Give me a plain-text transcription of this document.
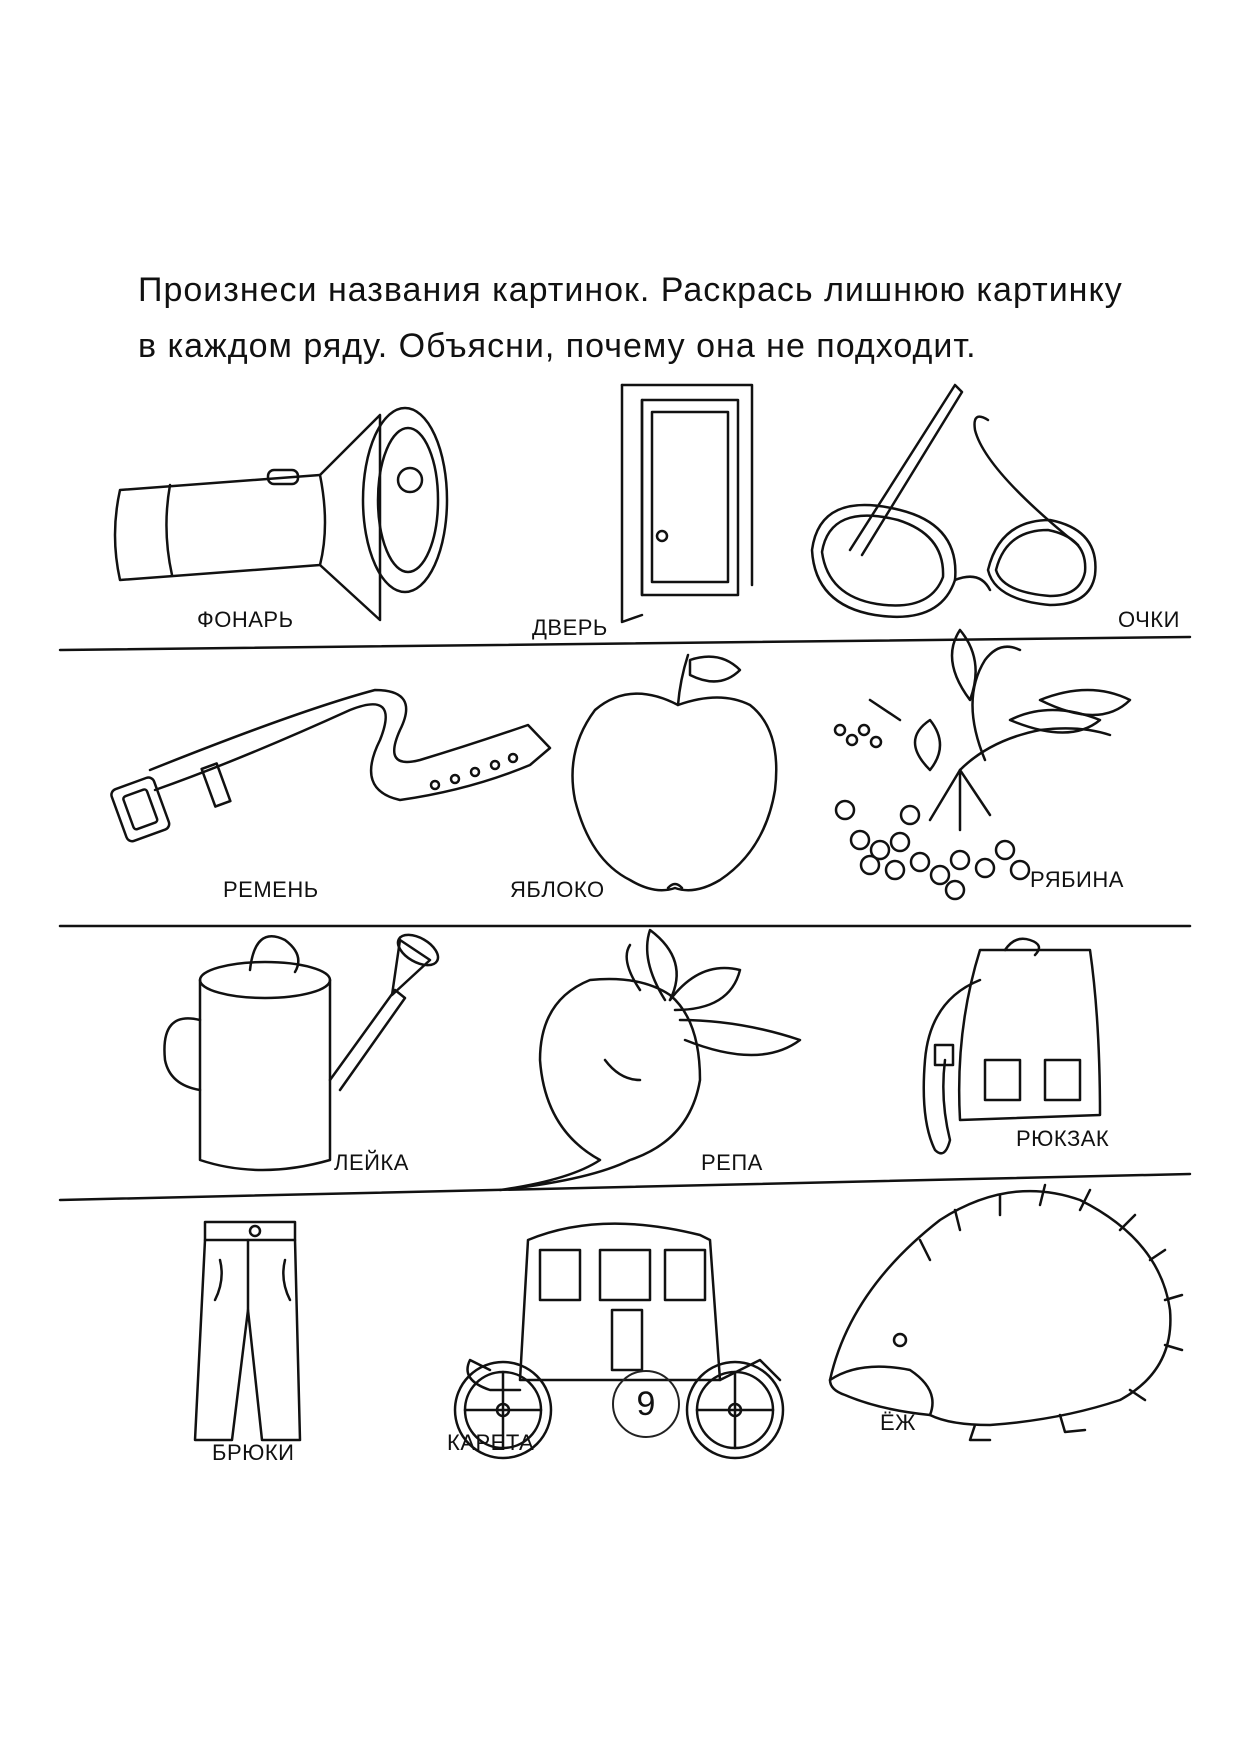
Произнеси названия картинок. Раскрась лишнюю картинку
в каждом ряду. Объясни, почему она не подходит.
ФОНАРЬ	ДВЕРЬ	ОЧКИ
РЕМЕНЬ	ЯБЛОКО	РЯБИНА
ЛЕЙКА	РЕПА
РЮКЗАК
БРЮКИ	КАРЕТА
ЁЖ
9
